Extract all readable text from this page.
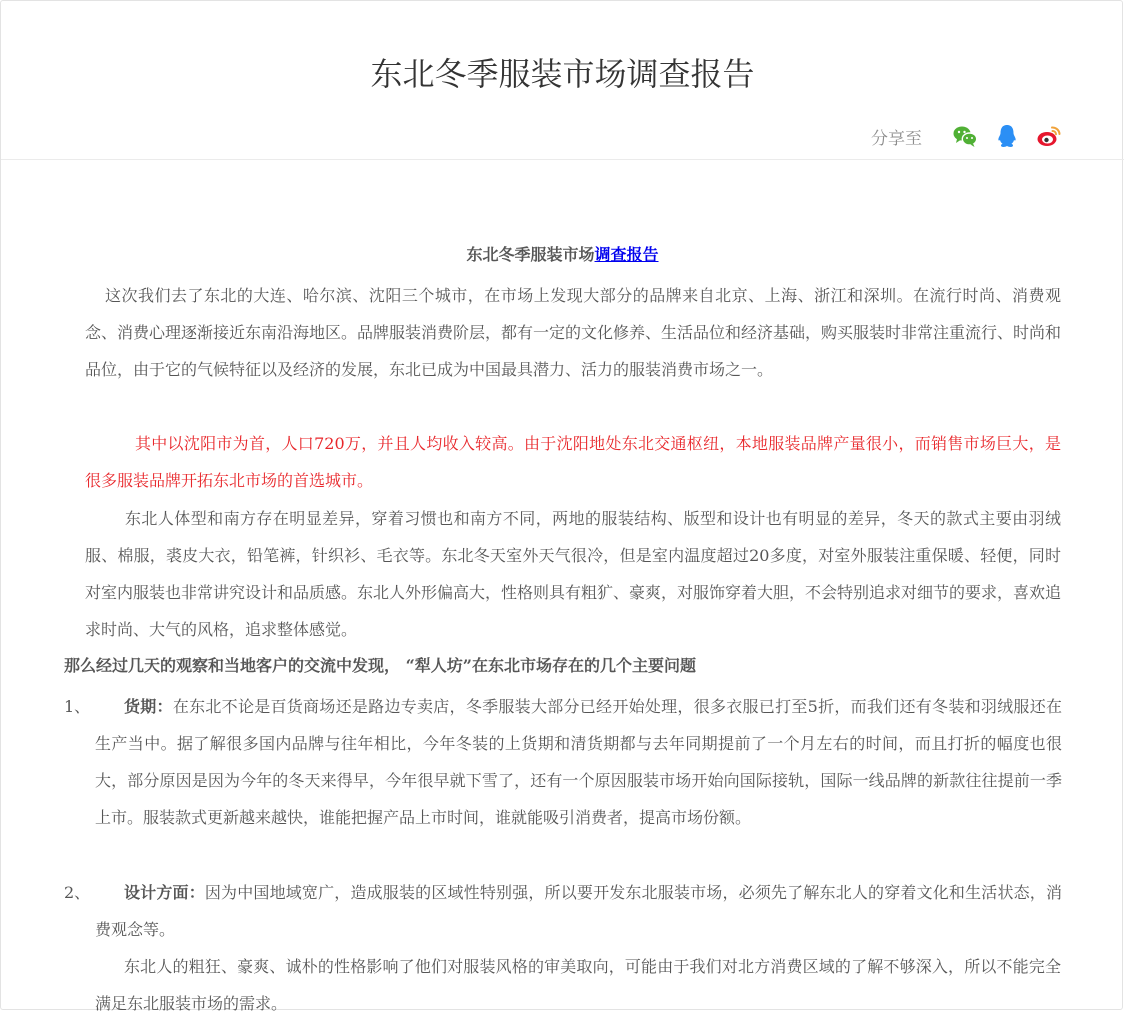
东北冬季服装市场调查报告
分享至
东北冬季服装市场调查报告

这次我们去了东北的大连、哈尔滨、沈阳三个城市，在市场上发现大部分的品牌来自北京、上海、浙江和深圳。在流行时尚、消费观念、消费心理逐渐接近东南沿海地区。品牌服装消费阶层，都有一定的文化修养、生活品位和经济基础，购买服装时非常注重流行、时尚和品位，由于它的气候特征以及经济的发展，东北已成为中国最具潜力、活力的服装消费市场之一。

其中以沈阳市为首，人口720万，并且人均收入较高。由于沈阳地处东北交通枢纽，本地服装品牌产量很小，而销售市场巨大，是很多服装品牌开拓东北市场的首选城市。

东北人体型和南方存在明显差异，穿着习惯也和南方不同，两地的服装结构、版型和设计也有明显的差异，冬天的款式主要由羽绒服、棉服，裘皮大衣，铅笔裤，针织衫、毛衣等。东北冬天室外天气很冷，但是室内温度超过20多度，对室外服装注重保暖、轻便，同时对室内服装也非常讲究设计和品质感。东北人外形偏高大，性格则具有粗犷、豪爽，对服饰穿着大胆，不会特别追求对细节的要求，喜欢追求时尚、大气的风格，追求整体感觉。

那么经过几天的观察和当地客户的交流中发现， “犁人坊”在东北市场存在的几个主要问题
1、	货期：在东北不论是百货商场还是路边专卖店，冬季服装大部分已经开始处理，很多衣服已打至5折，而我们还有冬装和羽绒服还在生产当中。据了解很多国内品牌与往年相比，今年冬装的上货期和清货期都与去年同期提前了一个月左右的时间，而且打折的幅度也很大，部分原因是因为今年的冬天来得早，今年很早就下雪了，还有一个原因服装市场开始向国际接轨，国际一线品牌的新款往往提前一季上市。服装款式更新越来越快，谁能把握产品上市时间，谁就能吸引消费者，提高市场份额。

2、	设计方面：因为中国地域宽广，造成服装的区域性特别强，所以要开发东北服装市场，必须先了解东北人的穿着文化和生活状态，消费观念等。

东北人的粗狂、豪爽、诚朴的性格影响了他们对服装风格的审美取向，可能由于我们对北方消费区域的了解不够深入，所以不能完全满足东北服装市场的需求。
